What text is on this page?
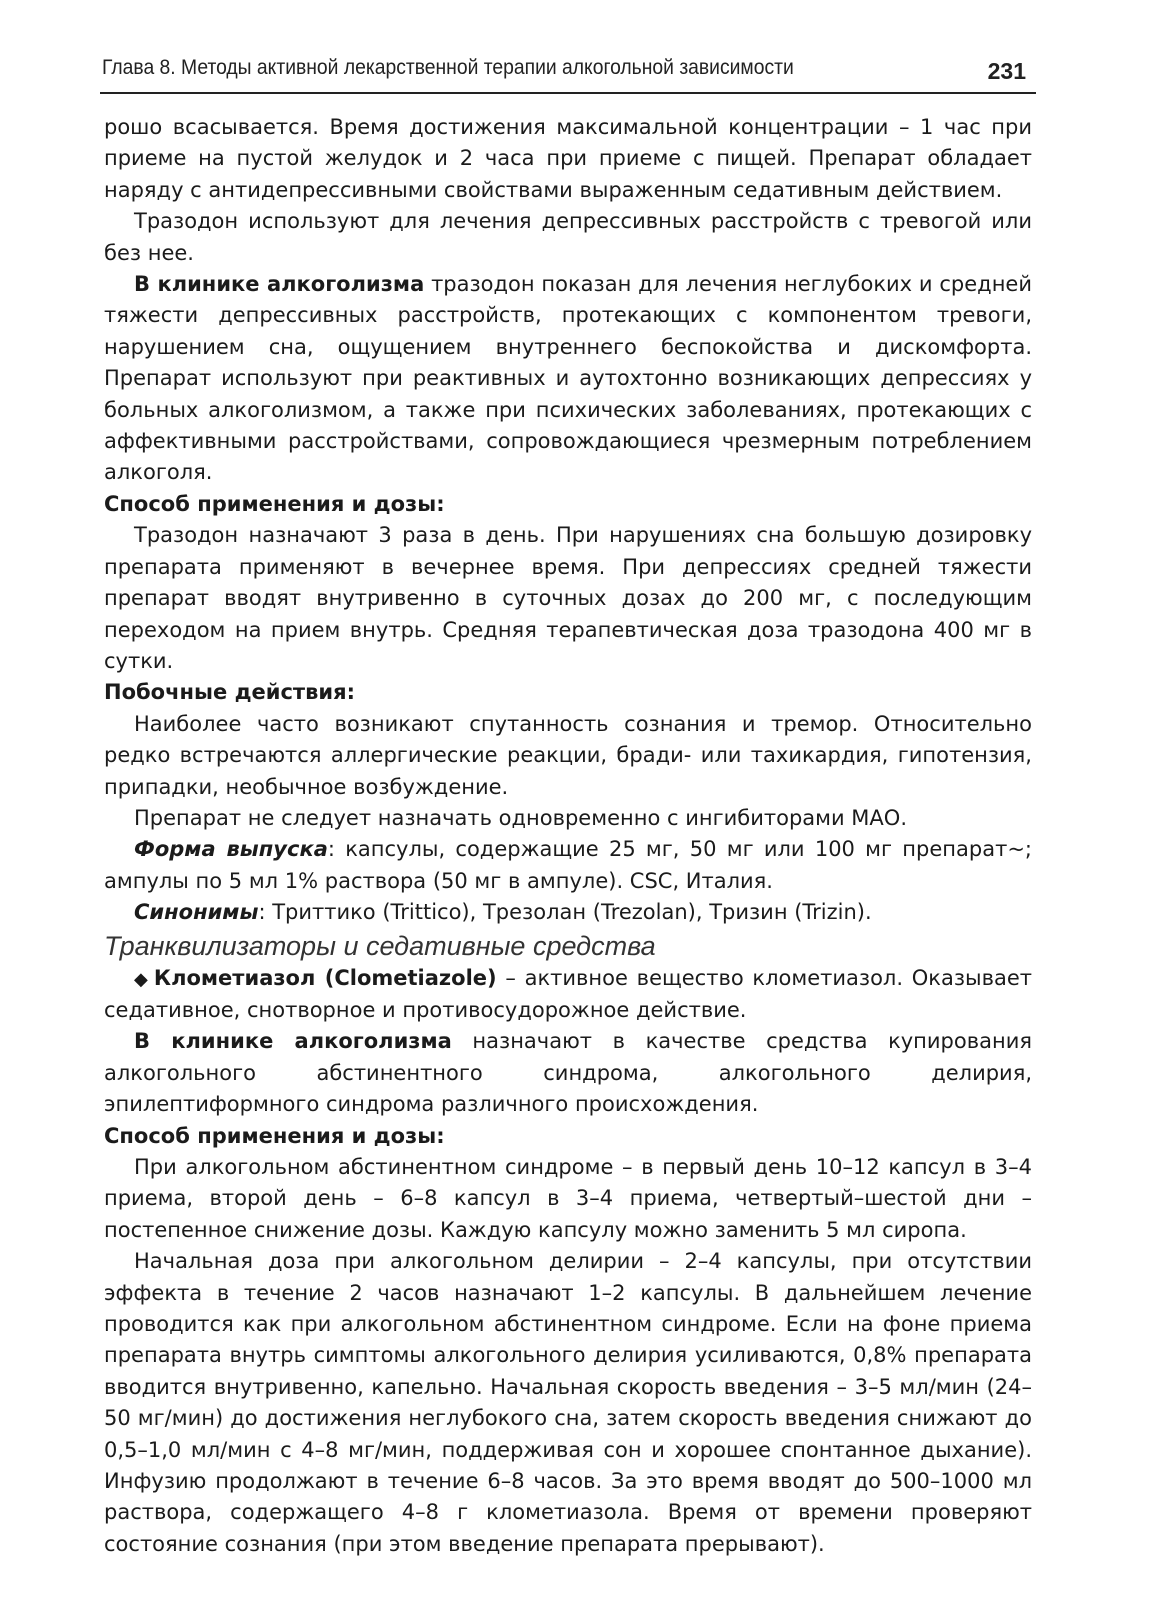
Глава 8. Методы активной лекарственной терапии алкогольной зависимости	231

рошо всасывается. Время достижения максимальной концентрации – 1 час при приеме на пустой желудок и 2 часа при приеме с пищей. Препарат обладает наряду с антидепрессивными свойствами выраженным седативным действием.

Тразодон используют для лечения депрессивных расстройств с тревогой или без нее.

В клинике алкоголизма тразодон показан для лечения неглубоких и средней тяжести депрессивных расстройств, протекающих с компонентом тревоги, нарушением сна, ощущением внутреннего беспокойства и дискомфорта. Препарат используют при реактивных и аутохтонно возникающих депрессиях у больных алкоголизмом, а также при психических заболеваниях, протекающих с аффективными расстройствами, сопровождающиеся чрезмерным потреблением алкоголя.

Способ применения и дозы:

Тразодон назначают 3 раза в день. При нарушениях сна большую дозировку препарата применяют в вечернее время. При депрессиях средней тяжести препарат вводят внутривенно в суточных дозах до 200 мг, с последующим переходом на прием внутрь. Средняя терапевтическая доза тразодона 400 мг в сутки.

Побочные действия:

Наиболее часто возникают спутанность сознания и тремор. Относительно редко встречаются аллергические реакции, бради- или тахикардия, гипотензия, припадки, необычное возбуждение.

Препарат не следует назначать одновременно с ингибиторами МАО.

Форма выпуска: капсулы, содержащие 25 мг, 50 мг или 100 мг препарат~; ампулы по 5 мл 1% раствора (50 мг в ампуле). CSC, Италия.

Синонимы: Триттико (Trittico), Трезолан (Trezolan), Тризин (Trizin).

Транквилизаторы и седативные средства

◆ Клометиазол (Clometiazole) – активное вещество клометиазол. Оказывает седативное, снотворное и противосудорожное действие.

В клинике алкоголизма назначают в качестве средства купирования алкогольного абстинентного синдрома, алкогольного делирия, эпилептиформного синдрома различного происхождения.

Способ применения и дозы:

При алкогольном абстинентном синдроме – в первый день 10–12 капсул в 3–4 приема, второй день – 6–8 капсул в 3–4 приема, четвертый–шестой дни – постепенное снижение дозы. Каждую капсулу можно заменить 5 мл сиропа.

Начальная доза при алкогольном делирии – 2–4 капсулы, при отсутствии эффекта в течение 2 часов назначают 1–2 капсулы. В дальнейшем лечение проводится как при алкогольном абстинентном синдроме. Если на фоне приема препарата внутрь симптомы алкогольного делирия усиливаются, 0,8% препарата вводится внутривенно, капельно. Начальная скорость введения – 3–5 мл/мин (24–50 мг/мин) до достижения неглубокого сна, затем скорость введения снижают до 0,5–1,0 мл/мин с 4–8 мг/мин, поддерживая сон и хорошее спонтанное дыхание). Инфузию продолжают в течение 6–8 часов. За это время вводят до 500–1000 мл раствора, содержащего 4–8 г клометиазола. Время от времени проверяют состояние сознания (при этом введение препарата прерывают).
